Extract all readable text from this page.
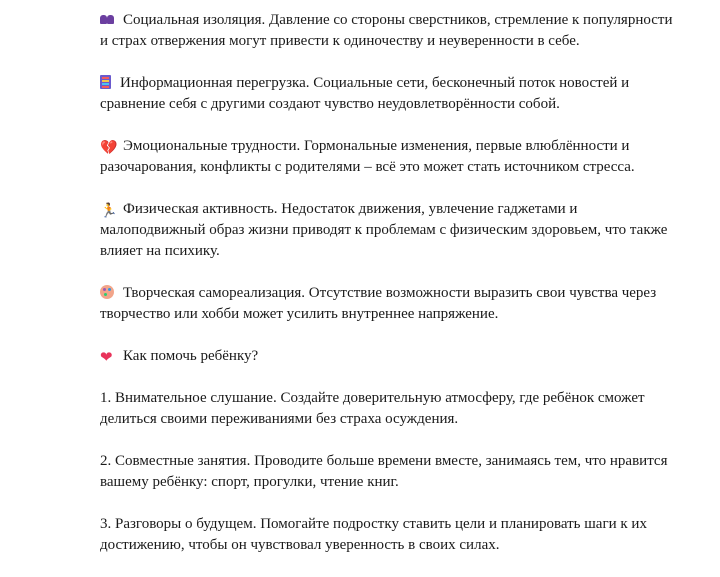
Социальная изоляция. Давление со стороны сверстников, стремление к популярности и страх отвержения могут привести к одиночеству и неуверенности в себе.

Информационная перегрузка. Социальные сети, бесконечный поток новостей и сравнение себя с другими создают чувство неудовлетворённости собой.

💔 Эмоциональные трудности. Гормональные изменения, первые влюблённости и разочарования, конфликты с родителями – всё это может стать источником стресса.

🏃 Физическая активность. Недостаток движения, увлечение гаджетами и малоподвижный образ жизни приводят к проблемам с физическим здоровьем, что также влияет на психику.

Творческая самореализация. Отсутствие возможности выразить свои чувства через творчество или хобби может усилить внутреннее напряжение.

❤ Как помочь ребёнку?

1. Внимательное слушание. Создайте доверительную атмосферу, где ребёнок сможет делиться своими переживаниями без страха осуждения.

2. Совместные занятия. Проводите больше времени вместе, занимаясь тем, что нравится вашему ребёнку: спорт, прогулки, чтение книг.

3. Разговоры о будущем. Помогайте подростку ставить цели и планировать шаги к их достижению, чтобы он чувствовал уверенность в своих силах.
